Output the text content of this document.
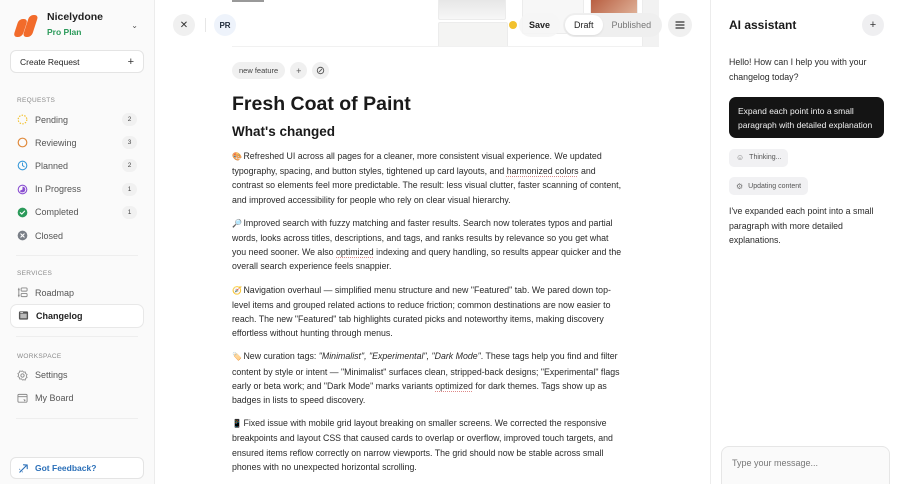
Nicelydone
Pro Plan
⌄
Create Request	+
REQUESTS
Pending	2
Reviewing	3
Planned	2
In Progress	1
Completed	1
Closed
SERVICES
Roadmap
Changelog
WORKSPACE
Settings
My Board
Got Feedback?
✕	PR	Save	Draft	Published
new feature	+
Fresh Coat of Paint
What's changed

🎨 Refreshed UI across all pages for a cleaner, more consistent visual experience. We updated typography, spacing, and button styles, tightened up card layouts, and harmonized colors and contrast so elements feel more predictable. The result: less visual clutter, faster scanning of content, and improved accessibility for people who rely on clear visual hierarchy.

🔎 Improved search with fuzzy matching and faster results. Search now tolerates typos and partial words, looks across titles, descriptions, and tags, and ranks results by relevance so you get what you need sooner. We also optimized indexing and query handling, so results appear quicker and the overall search experience feels snappier.

🧭 Navigation overhaul — simplified menu structure and new "Featured" tab. We pared down top-level items and grouped related actions to reduce friction; common destinations are now easier to reach. The new "Featured" tab highlights curated picks and noteworthy items, making discovery effortless without hunting through menus.

🏷️ New curation tags: "Minimalist", "Experimental", "Dark Mode". These tags help you find and filter content by style or intent — "Minimalist" surfaces clean, stripped-back designs; "Experimental" flags early or beta work; and "Dark Mode" marks variants optimized for dark themes. Tags show up as badges in lists to speed discovery.

📱 Fixed issue with mobile grid layout breaking on smaller screens. We corrected the responsive breakpoints and layout CSS that caused cards to overlap or overflow, improved touch targets, and ensured items reflow correctly on narrow viewports. The grid should now be stable across small phones with no unexpected horizontal scrolling.

AI assistant	+
Hello! How can I help you with your changelog today?
Expand each point into a small paragraph with detailed explanation
☺ Thinking...
⚙ Updating content
I've expanded each point into a small paragraph with more detailed explanations.
Type your message...
